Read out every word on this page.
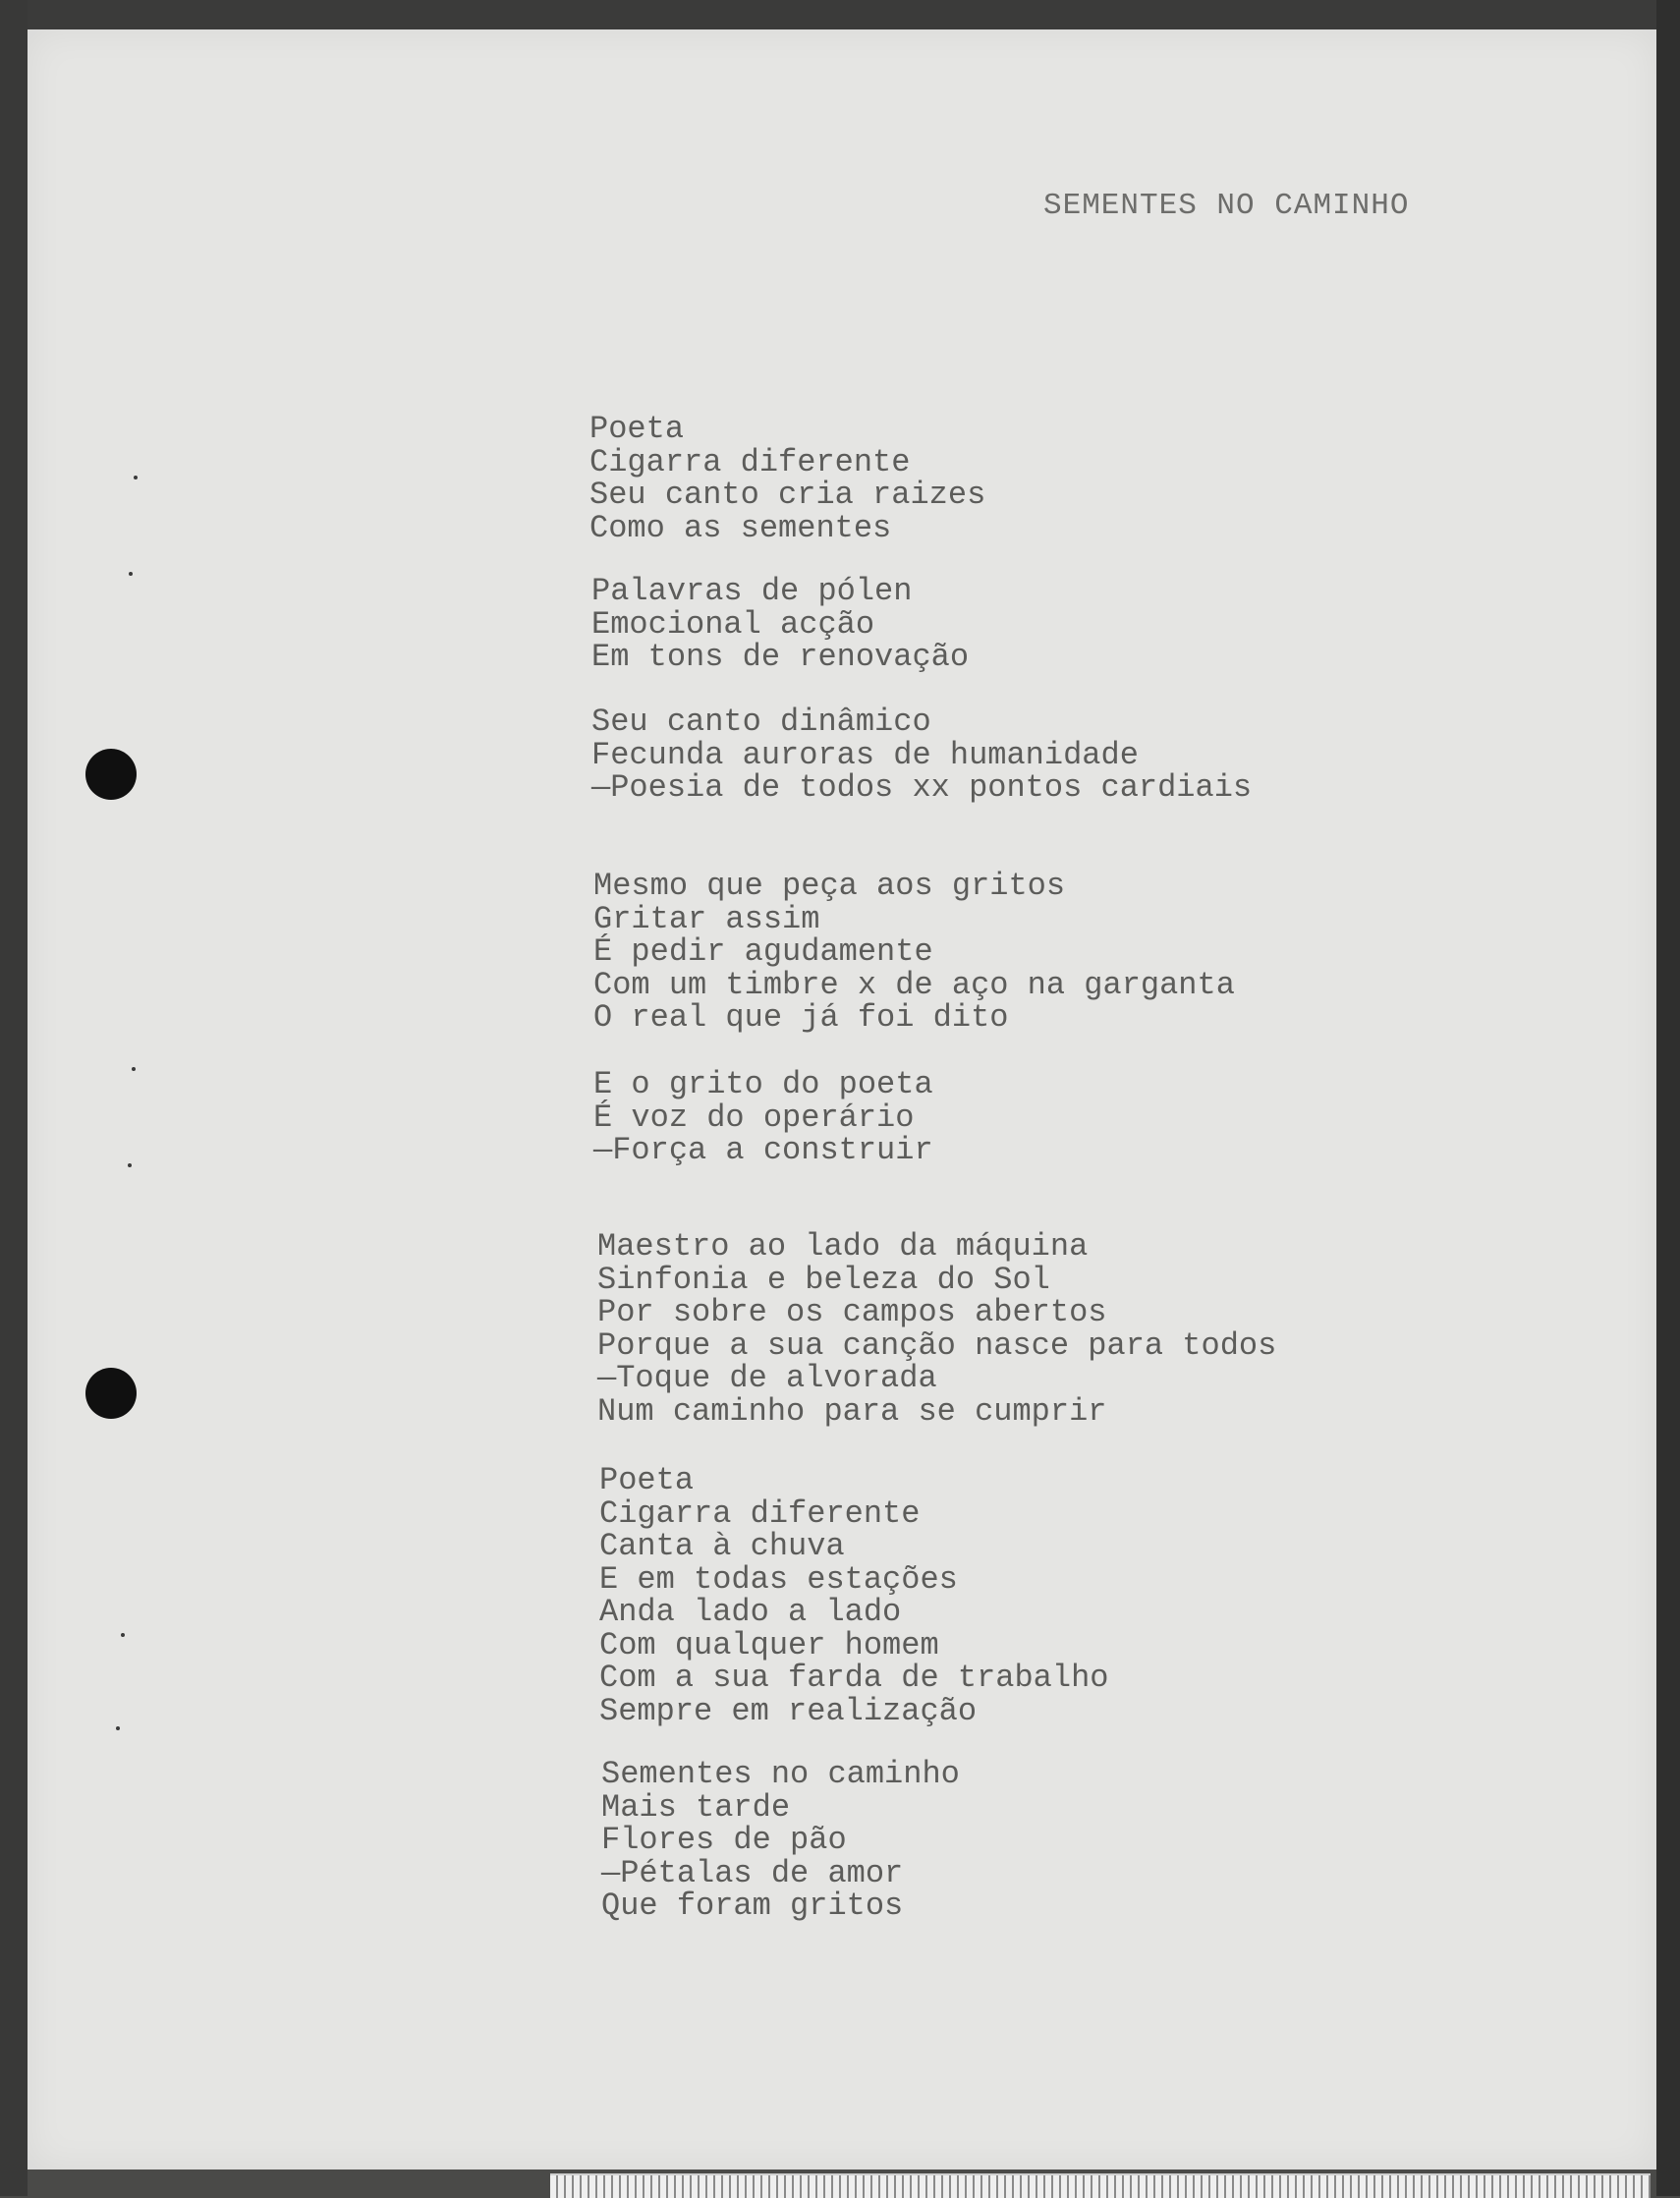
SEMENTES NO CAMINHO
Poeta
Cigarra diferente
Seu canto cria raizes
Como as sementes
Palavras de pólen
Emocional acção
Em tons de renovação
Seu canto dinâmico
Fecunda auroras de humanidade
—Poesia de todos xx pontos cardiais
Mesmo que peça aos gritos
Gritar assim
É pedir agudamente
Com um timbre x de aço na garganta
O real que já foi dito
E o grito do poeta
É voz do operário
—Força a construir
Maestro ao lado da máquina
Sinfonia e beleza do Sol
Por sobre os campos abertos
Porque a sua canção nasce para todos
—Toque de alvorada
Num caminho para se cumprir
Poeta
Cigarra diferente
Canta à chuva
E em todas estações
Anda lado a lado
Com qualquer homem
Com a sua farda de trabalho
Sempre em realização
Sementes no caminho
Mais tarde
Flores de pão
—Pétalas de amor
Que foram gritos
